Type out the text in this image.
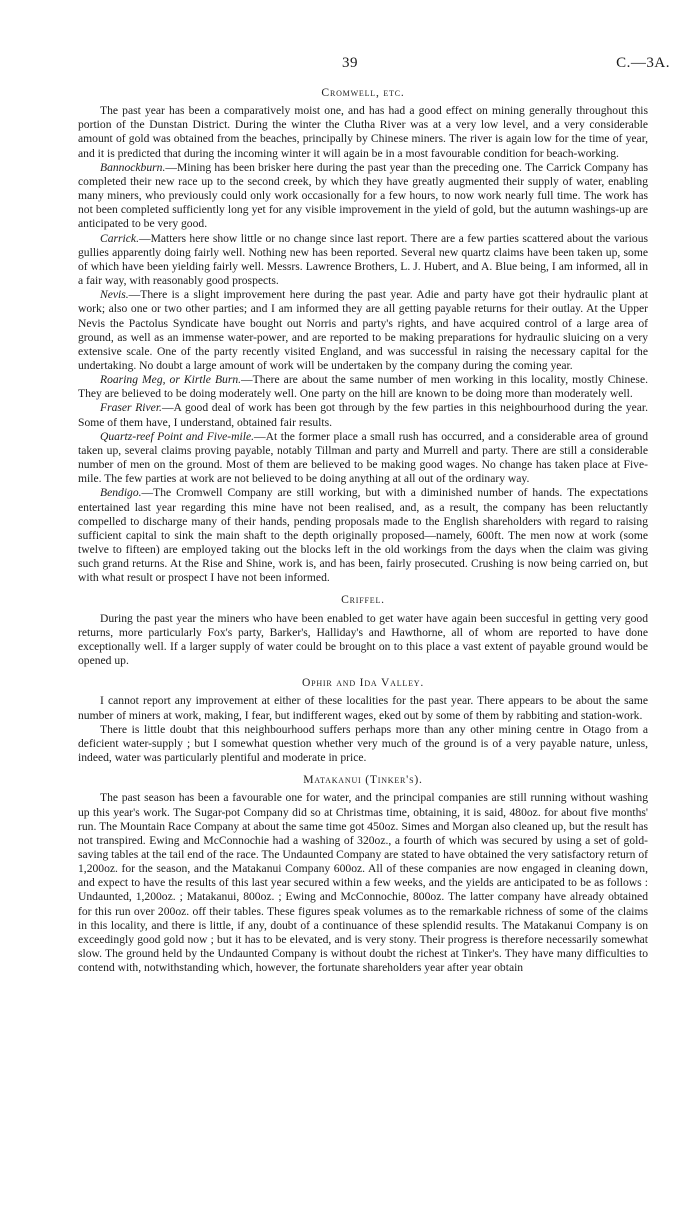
39	C.—3A.
Cromwell, etc.

The past year has been a comparatively moist one, and has had a good effect on mining generally throughout this portion of the Dunstan District. During the winter the Clutha River was at a very low level, and a very considerable amount of gold was obtained from the beaches, principally by Chinese miners. The river is again low for the time of year, and it is predicted that during the incoming winter it will again be in a most favourable condition for beach-working.

Bannockburn.—Mining has been brisker here during the past year than the preceding one. The Carrick Company has completed their new race up to the second creek, by which they have greatly augmented their supply of water, enabling many miners, who previously could only work occasionally for a few hours, to now work nearly full time. The work has not been completed sufficiently long yet for any visible improvement in the yield of gold, but the autumn washings-up are anticipated to be very good.

Carrick.—Matters here show little or no change since last report. There are a few parties scattered about the various gullies apparently doing fairly well. Nothing new has been reported. Several new quartz claims have been taken up, some of which have been yielding fairly well. Messrs. Lawrence Brothers, L. J. Hubert, and A. Blue being, I am informed, all in a fair way, with reasonably good prospects.

Nevis.—There is a slight improvement here during the past year. Adie and party have got their hydraulic plant at work; also one or two other parties; and I am informed they are all getting payable returns for their outlay. At the Upper Nevis the Pactolus Syndicate have bought out Norris and party's rights, and have acquired control of a large area of ground, as well as an immense water-power, and are reported to be making preparations for hydraulic sluicing on a very extensive scale. One of the party recently visited England, and was successful in raising the necessary capital for the undertaking. No doubt a large amount of work will be undertaken by the company during the coming year.

Roaring Meg, or Kirtle Burn.—There are about the same number of men working in this locality, mostly Chinese. They are believed to be doing moderately well. One party on the hill are known to be doing more than moderately well.

Fraser River.—A good deal of work has been got through by the few parties in this neighbourhood during the year. Some of them have, I understand, obtained fair results.

Quartz-reef Point and Five-mile.—At the former place a small rush has occurred, and a considerable area of ground taken up, several claims proving payable, notably Tillman and party and Murrell and party. There are still a considerable number of men on the ground. Most of them are believed to be making good wages. No change has taken place at Five-mile. The few parties at work are not believed to be doing anything at all out of the ordinary way.

Bendigo.—The Cromwell Company are still working, but with a diminished number of hands. The expectations entertained last year regarding this mine have not been realised, and, as a result, the company has been reluctantly compelled to discharge many of their hands, pending proposals made to the English shareholders with regard to raising sufficient capital to sink the main shaft to the depth originally proposed—namely, 600ft. The men now at work (some twelve to fifteen) are employed taking out the blocks left in the old workings from the days when the claim was giving such grand returns. At the Rise and Shine, work is, and has been, fairly prosecuted. Crushing is now being carried on, but with what result or prospect I have not been informed.

Criffel.

During the past year the miners who have been enabled to get water have again been succesful in getting very good returns, more particularly Fox's party, Barker's, Halliday's and Hawthorne, all of whom are reported to have done exceptionally well. If a larger supply of water could be brought on to this place a vast extent of payable ground would be opened up.

Ophir and Ida Valley.

I cannot report any improvement at either of these localities for the past year. There appears to be about the same number of miners at work, making, I fear, but indifferent wages, eked out by some of them by rabbiting and station-work.

There is little doubt that this neighbourhood suffers perhaps more than any other mining centre in Otago from a deficient water-supply ; but I somewhat question whether very much of the ground is of a very payable nature, unless, indeed, water was particularly plentiful and moderate in price.

Matakanui (Tinker's).

The past season has been a favourable one for water, and the principal companies are still running without washing up this year's work. The Sugar-pot Company did so at Christmas time, obtaining, it is said, 480oz. for about five months' run. The Mountain Race Company at about the same time got 450oz. Simes and Morgan also cleaned up, but the result has not transpired. Ewing and McConnochie had a washing of 320oz., a fourth of which was secured by using a set of gold-saving tables at the tail end of the race. The Undaunted Company are stated to have obtained the very satisfactory return of 1,200oz. for the season, and the Matakanui Company 600oz. All of these companies are now engaged in cleaning down, and expect to have the results of this last year secured within a few weeks, and the yields are anticipated to be as follows : Undaunted, 1,200oz. ; Matakanui, 800oz. ; Ewing and McConnochie, 800oz. The latter company have already obtained for this run over 200oz. off their tables. These figures speak volumes as to the remarkable richness of some of the claims in this locality, and there is little, if any, doubt of a continuance of these splendid results. The Matakanui Company is on exceedingly good gold now ; but it has to be elevated, and is very stony. Their progress is therefore necessarily somewhat slow. The ground held by the Undaunted Company is without doubt the richest at Tinker's. They have many difficulties to contend with, notwithstanding which, however, the fortunate shareholders year after year obtain
